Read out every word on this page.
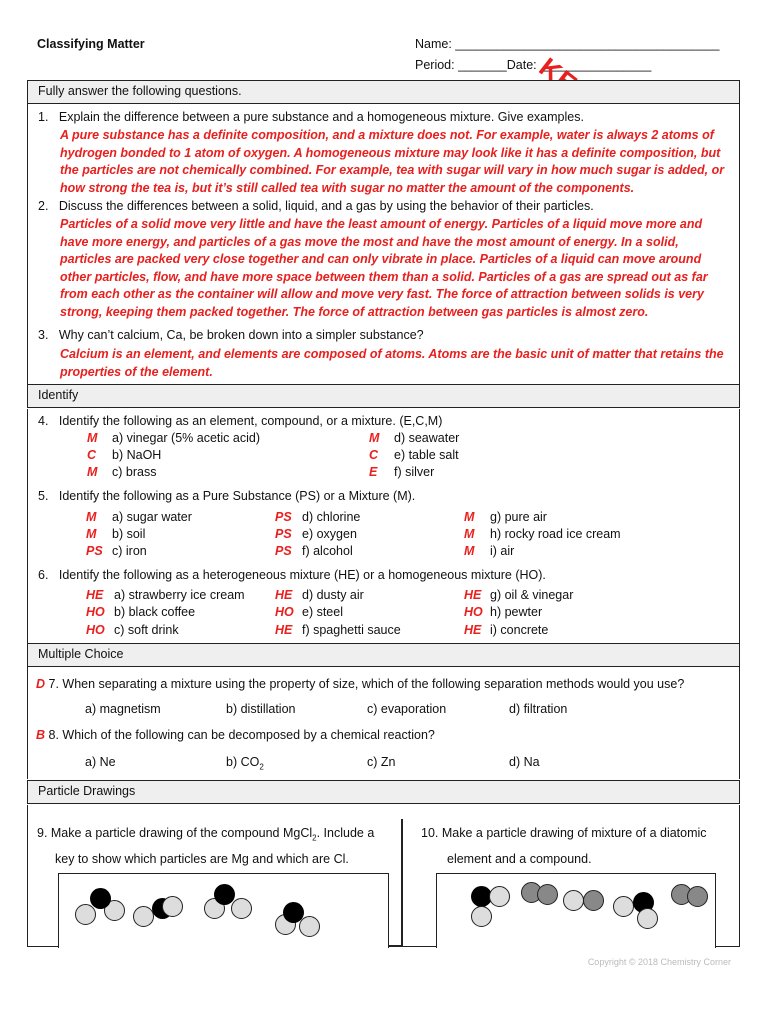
Classifying Matter	Name: ______________________________________
Period: _______Date: ________________
Fully answer the following questions.
Identify
Multiple Choice
Particle Drawings
1. Explain the difference between a pure substance and a homogeneous mixture. Give examples.
A pure substance has a definite composition, and a mixture does not. For example, water is always 2 atoms of hydrogen bonded to 1 atom of oxygen. A homogeneous mixture may look like it has a definite composition, but the particles are not chemically combined. For example, tea with sugar will vary in how much sugar is added, or how strong the tea is, but it’s still called tea with sugar no matter the amount of the components.
2. Discuss the differences between a solid, liquid, and a gas by using the behavior of their particles.
Particles of a solid move very little and have the least amount of energy. Particles of a liquid move more and have more energy, and particles of a gas move the most and have the most amount of energy. In a solid, particles are packed very close together and can only vibrate in place. Particles of a liquid can move around other particles, flow, and have more space between them than a solid. Particles of a gas are spread out as far from each other as the container will allow and move very fast. The force of attraction between solids is very strong, keeping them packed together. The force of attraction between gas particles is almost zero.
3. Why can’t calcium, Ca, be broken down into a simpler substance?
Calcium is an element, and elements are composed of atoms. Atoms are the basic unit of matter that retains the properties of the element.
4. Identify the following as an element, compound, or a mixture. (E,C,M)
M a) vinegar (5% acetic acid)
C b) NaOH
M c) brass
M d) seawater
C e) table salt
E f) silver
5. Identify the following as a Pure Substance (PS) or a Mixture (M).
M a) sugar water
M b) soil
PS c) iron
PS d) chlorine
PS e) oxygen
PS f) alcohol
M g) pure air
M h) rocky road ice cream
M i) air
6. Identify the following as a heterogeneous mixture (HE) or a homogeneous mixture (HO).
HE a) strawberry ice cream
HO b) black coffee
HO c) soft drink
HE d) dusty air
HO e) steel
HE f) spaghetti sauce
HE g) oil & vinegar
HO h) pewter
HE i) concrete
D 7. When separating a mixture using the property of size, which of the following separation methods would you use?
a) magnetism	b) distillation	c) evaporation	d) filtration
B 8. Which of the following can be decomposed by a chemical reaction?
a) Ne	b) $CO_2$	c) Zn	d) Na
9. Make a particle drawing of the compound MgCl$_2$. Include a
key to show which particles are Mg and which are Cl.
10. Make a particle drawing of mixture of a diatomic
element and a compound.
Copyright © 2018 Chemistry Corner
